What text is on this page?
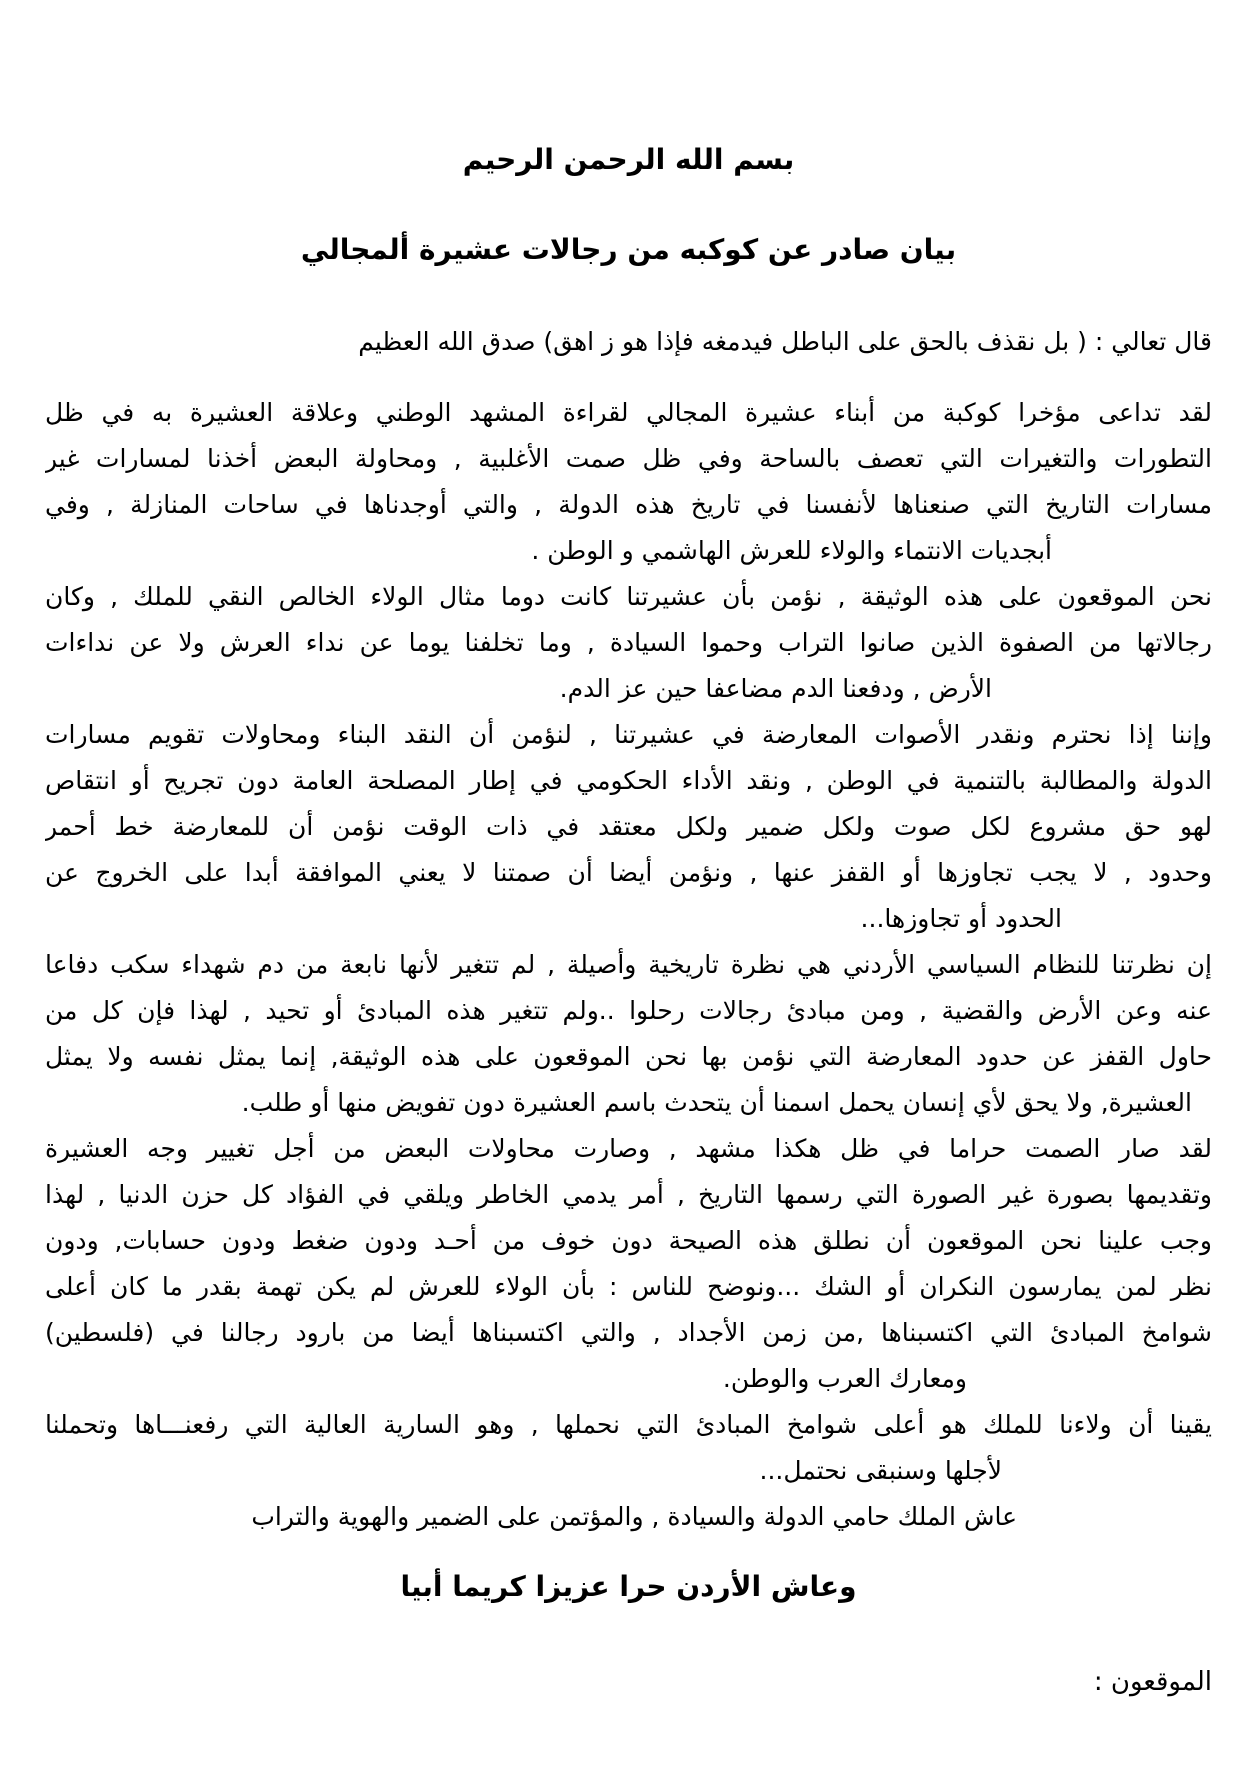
بسم الله الرحمن الرحيم
بيان صادر عن كوكبه من رجالات عشيرة ألمجالي
قال تعالي : ( بل نقذف بالحق على الباطل فيدمغه فإذا هو ز اهق) صدق الله العظيم
لقد تداعى مؤخرا كوكبة من أبناء عشيرة المجالي لقراءة المشهد الوطني وعلاقة العشيرة به في ظل
التطورات والتغيرات التي تعصف بالساحة وفي ظل صمت الأغلبية , ومحاولة البعض أخذنا لمسارات غير
مسارات التاريخ التي صنعناها لأنفسنا في تاريخ هذه الدولة , والتي أوجدناها في ساحات المنازلة , وفي
أبجديات الانتماء والولاء للعرش الهاشمي و الوطن .
نحن الموقعون على هذه الوثيقة , نؤمن بأن عشيرتنا كانت دوما مثال الولاء الخالص النقي للملك , وكان
رجالاتها من الصفوة الذين صانوا التراب وحموا السيادة , وما تخلفنا يوما عن نداء العرش ولا عن نداءات
الأرض , ودفعنا الدم مضاعفا حين عز الدم.
وإننا إذا نحترم ونقدر الأصوات المعارضة في عشيرتنا , لنؤمن أن النقد البناء ومحاولات تقويم مسارات
الدولة والمطالبة بالتنمية في الوطن , ونقد الأداء الحكومي في إطار المصلحة العامة دون تجريح أو انتقاص
لهو حق مشروع لكل صوت ولكل ضمير ولكل معتقد في ذات الوقت نؤمن أن للمعارضة خط أحمر
وحدود , لا يجب تجاوزها أو القفز عنها , ونؤمن أيضا أن صمتنا لا يعني الموافقة أبدا على الخروج عن
الحدود أو تجاوزها...
إن نظرتنا للنظام السياسي الأردني هي نظرة تاريخية وأصيلة , لم تتغير لأنها نابعة من دم شهداء سكب دفاعا
عنه وعن الأرض والقضية , ومن مبادئ رجالات رحلوا ..ولم تتغير هذه المبادئ أو تحيد , لهذا فإن كل من
حاول القفز عن حدود المعارضة التي نؤمن بها نحن الموقعون على هذه الوثيقة, إنما يمثل نفسه ولا يمثل
العشيرة, ولا يحق لأي إنسان يحمل اسمنا أن يتحدث باسم العشيرة دون تفويض منها أو طلب.
لقد صار الصمت حراما في ظل هكذا مشهد , وصارت محاولات البعض من أجل تغيير وجه العشيرة
وتقديمها بصورة غير الصورة التي رسمها التاريخ , أمر يدمي الخاطر ويلقي في الفؤاد كل حزن الدنيا , لهذا
وجب علينا نحن الموقعون أن نطلق هذه الصيحة دون خوف من أحـد ودون ضغط ودون حسابات, ودون
نظر لمن يمارسون النكران أو الشك ...ونوضح للناس : بأن الولاء للعرش لم يكن تهمة بقدر ما كان أعلى
شوامخ المبادئ التي اكتسبناها ,من زمن الأجداد , والتي اكتسبناها أيضا من بارود رجالنا في (فلسطين)
ومعارك العرب والوطن.
يقينا أن ولاءنا للملك هو أعلى شوامخ المبادئ التي نحملها , وهو السارية العالية التي رفعنـــاها وتحملنا
لأجلها وسنبقى نحتمل...
عاش الملك حامي الدولة والسيادة , والمؤتمن على الضمير والهوية والتراب
وعاش الأردن حرا عزيزا كريما أبيا
الموقعون :
